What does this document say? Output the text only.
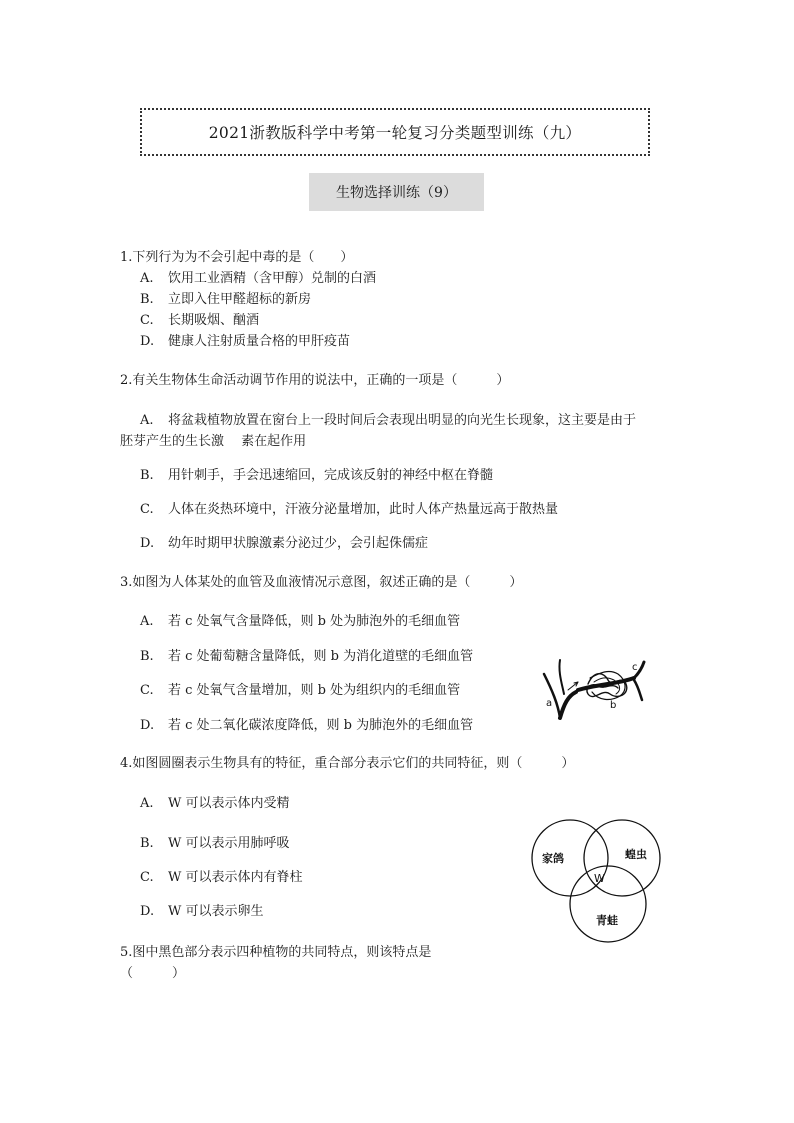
2021浙教版科学中考第一轮复习分类题型训练（九）
生物选择训练（9）
1.下列行为为不会引起中毒的是（　　）
A. 饮用工业酒精（含甲醇）兑制的白酒
B. 立即入住甲醛超标的新房
C. 长期吸烟、酗酒
D. 健康人注射质量合格的甲肝疫苗
2.有关生物体生命活动调节作用的说法中，正确的一项是（　　　）
A. 将盆栽植物放置在窗台上一段时间后会表现出明显的向光生长现象，这主要是由于
胚芽产生的生长激　 素在起作用
B. 用针刺手，手会迅速缩回，完成该反射的神经中枢在脊髓
C. 人体在炎热环境中，汗液分泌量增加，此时人体产热量远高于散热量
D. 幼年时期甲状腺激素分泌过少，会引起侏儒症
3.如图为人体某处的血管及血液情况示意图，叙述正确的是（　　　）
A. 若 c 处氧气含量降低，则 b 处为肺泡外的毛细血管
B. 若 c 处葡萄糖含量降低，则 b 为消化道壁的毛细血管
C. 若 c 处氧气含量增加，则 b 处为组织内的毛细血管
D. 若 c 处二氧化碳浓度降低，则 b 为肺泡外的毛细血管
a	b
c
4.如图圆圈表示生物具有的特征，重合部分表示它们的共同特征，则（　　　）
A. W 可以表示体内受精
B. W 可以表示用肺呼吸
C. W 可以表示体内有脊柱
D. W 可以表示卵生
家鸽	蝗虫
青蛙
W
5.图中黑色部分表示四种植物的共同特点，则该特点是
（　　　）
